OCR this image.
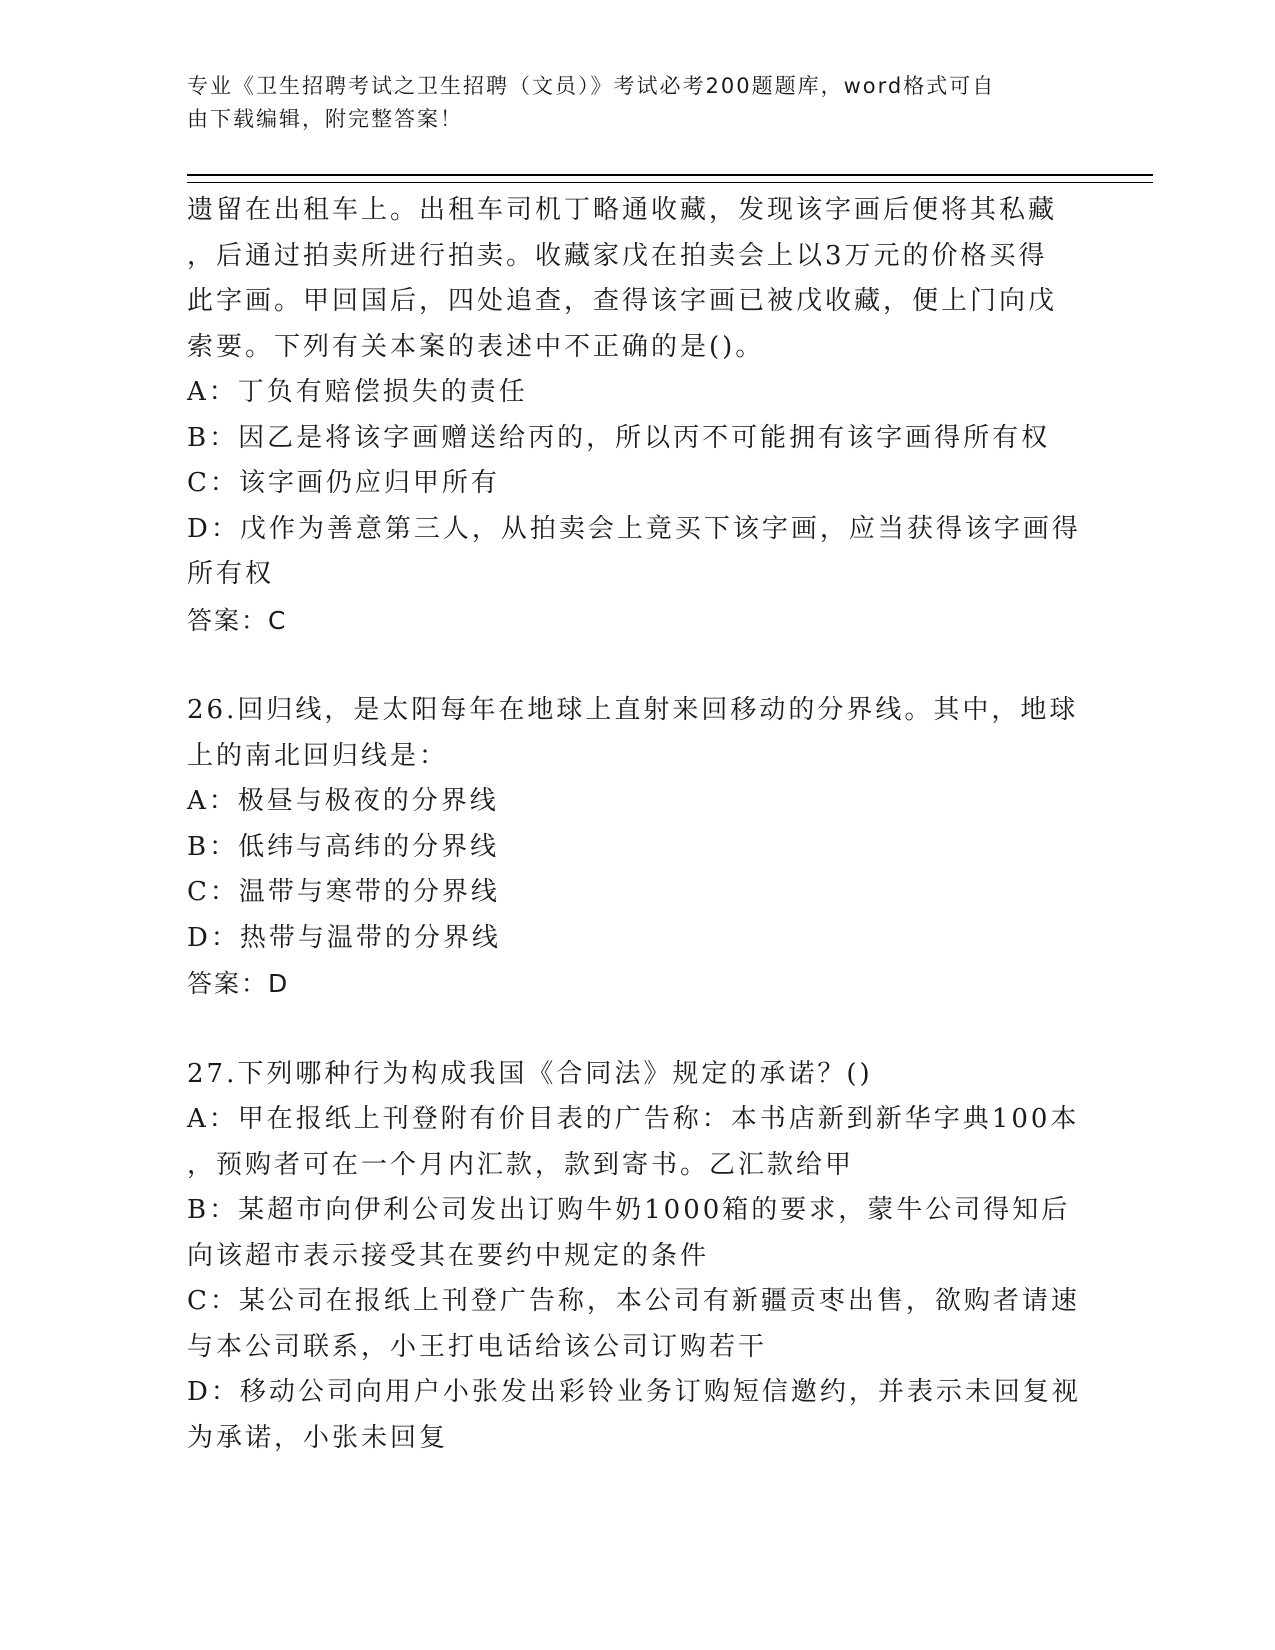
专业《卫生招聘考试之卫生招聘（文员）》考试必考200题题库，word格式可自
由下载编辑，附完整答案！
遗留在出租车上。出租车司机丁略通收藏，发现该字画后便将其私藏
，后通过拍卖所进行拍卖。收藏家戊在拍卖会上以3万元的价格买得
此字画。甲回国后，四处追查，查得该字画已被戊收藏，便上门向戊
索要。下列有关本案的表述中不正确的是()。
A：丁负有赔偿损失的责任
B：因乙是将该字画赠送给丙的，所以丙不可能拥有该字画得所有权
C：该字画仍应归甲所有
D：戊作为善意第三人，从拍卖会上竟买下该字画，应当获得该字画得
所有权
答案：C
26.回归线，是太阳每年在地球上直射来回移动的分界线。其中，地球
上的南北回归线是：
A：极昼与极夜的分界线
B：低纬与高纬的分界线
C：温带与寒带的分界线
D：热带与温带的分界线
答案：D
27.下列哪种行为构成我国《合同法》规定的承诺？()
A：甲在报纸上刊登附有价目表的广告称：本书店新到新华字典100本
，预购者可在一个月内汇款，款到寄书。乙汇款给甲
B：某超市向伊利公司发出订购牛奶1000箱的要求，蒙牛公司得知后
向该超市表示接受其在要约中规定的条件
C：某公司在报纸上刊登广告称，本公司有新疆贡枣出售，欲购者请速
与本公司联系，小王打电话给该公司订购若干
D：移动公司向用户小张发出彩铃业务订购短信邀约，并表示未回复视
为承诺，小张未回复
